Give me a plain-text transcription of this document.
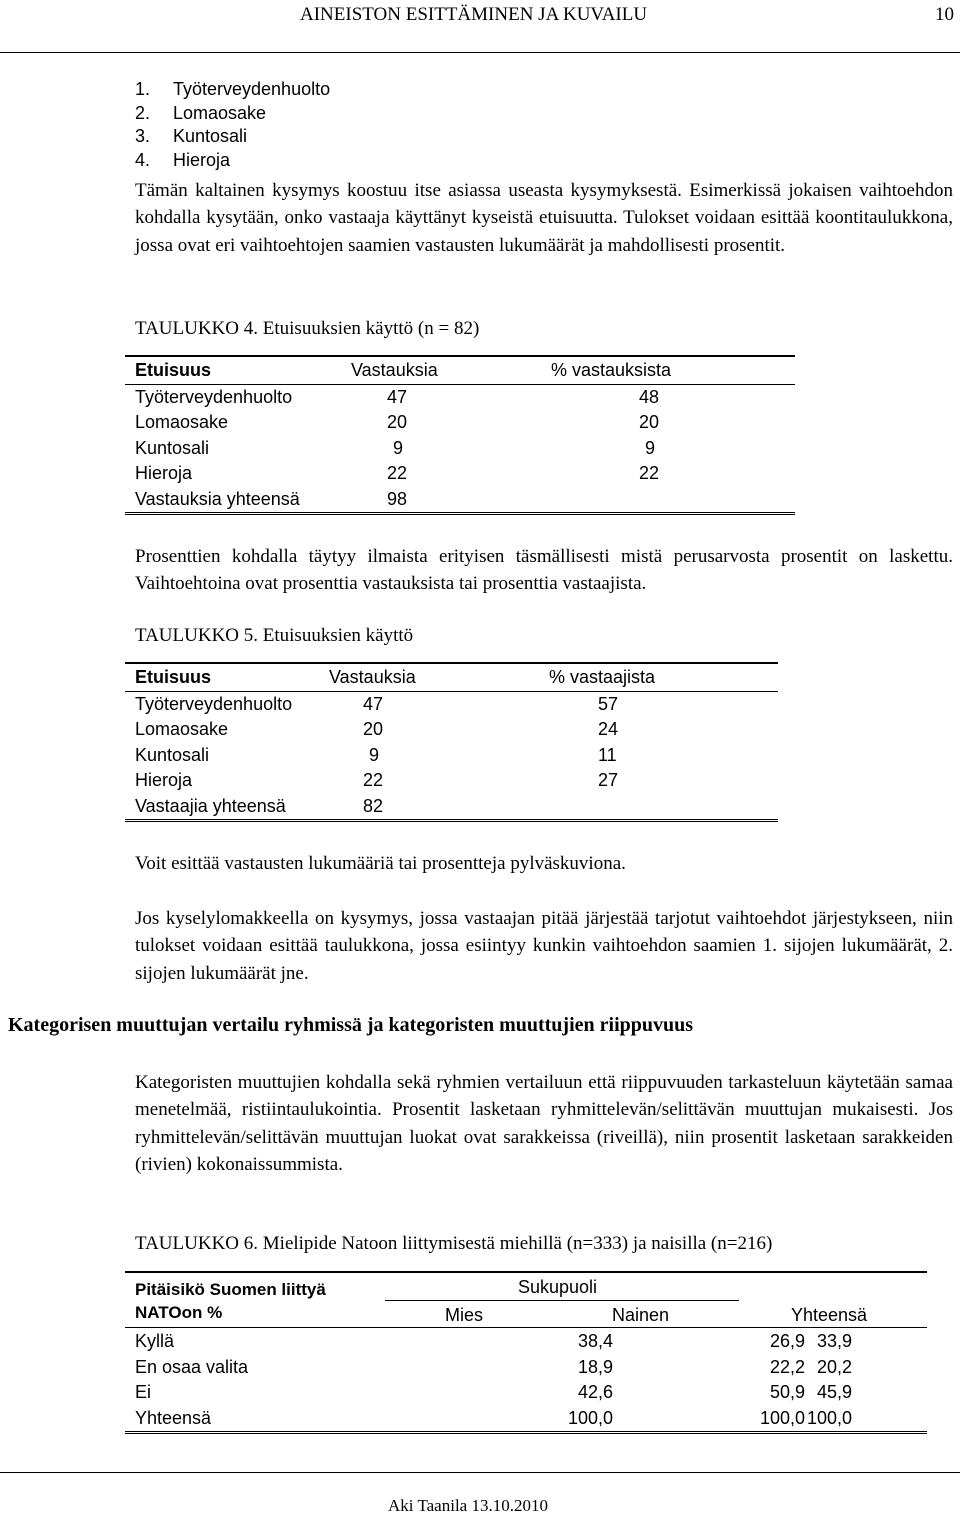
AINEISTON ESITTÄMINEN JA KUVAILU	10
1.	Työterveydenhuolto
2.	Lomaosake
3.	Kuntosali
4.	Hieroja

Tämän kaltainen kysymys koostuu itse asiassa useasta kysymyksestä. Esimerkissä jokaisen vaihtoehdon kohdalla kysytään, onko vastaaja käyttänyt kyseistä etuisuutta. Tulokset voidaan esittää koontitaulukkona, jossa ovat eri vaihtoehtojen saamien vastausten lukumäärät ja mahdollisesti prosentit.

TAULUKKO 4. Etuisuuksien käyttö (n = 82)
Etuisuus	Vastauksia	% vastauksista
Työterveydenhuolto	47	48
Lomaosake	20	20
Kuntosali	9	9
Hieroja	22	22
Vastauksia yhteensä	98	

Prosenttien kohdalla täytyy ilmaista erityisen täsmällisesti mistä perusarvosta prosentit on laskettu. Vaihtoehtoina ovat prosenttia vastauksista tai prosenttia vastaajista.

TAULUKKO 5. Etuisuuksien käyttö
Etuisuus	Vastauksia	% vastaajista
Työterveydenhuolto	47	57
Lomaosake	20	24
Kuntosali	9	11
Hieroja	22	27
Vastaajia yhteensä	82	

Voit esittää vastausten lukumääriä tai prosentteja pylväskuviona.

Jos kyselylomakkeella on kysymys, jossa vastaajan pitää järjestää tarjotut vaihtoehdot järjestykseen, niin tulokset voidaan esittää taulukkona, jossa esiintyy kunkin vaihtoehdon saamien 1. sijojen lukumäärät, 2. sijojen lukumäärät jne.

Kategorisen muuttujan vertailu ryhmissä ja kategoristen muuttujien riippuvuus

Kategoristen muuttujien kohdalla sekä ryhmien vertailuun että riippuvuuden tarkasteluun käytetään samaa menetelmää, ristiintaulukointia. Prosentit lasketaan ryhmittelevän/selittävän muuttujan mukaisesti. Jos ryhmittelevän/selittävän muuttujan luokat ovat sarakkeissa (riveillä), niin prosentit lasketaan sarakkeiden (rivien) kokonaissummista.

TAULUKKO 6. Mielipide Natoon liittymisestä miehillä (n=333) ja naisilla (n=216)
Pitäisikö Suomen liittyä
NATOon %
Sukupuoli
Mies	Nainen	Yhteensä
Kyllä	38,4	26,9	33,9
En osaa valita	18,9	22,2	20,2
Ei	42,6	50,9	45,9
Yhteensä	100,0	100,0	100,0
Aki Taanila 13.10.2010
